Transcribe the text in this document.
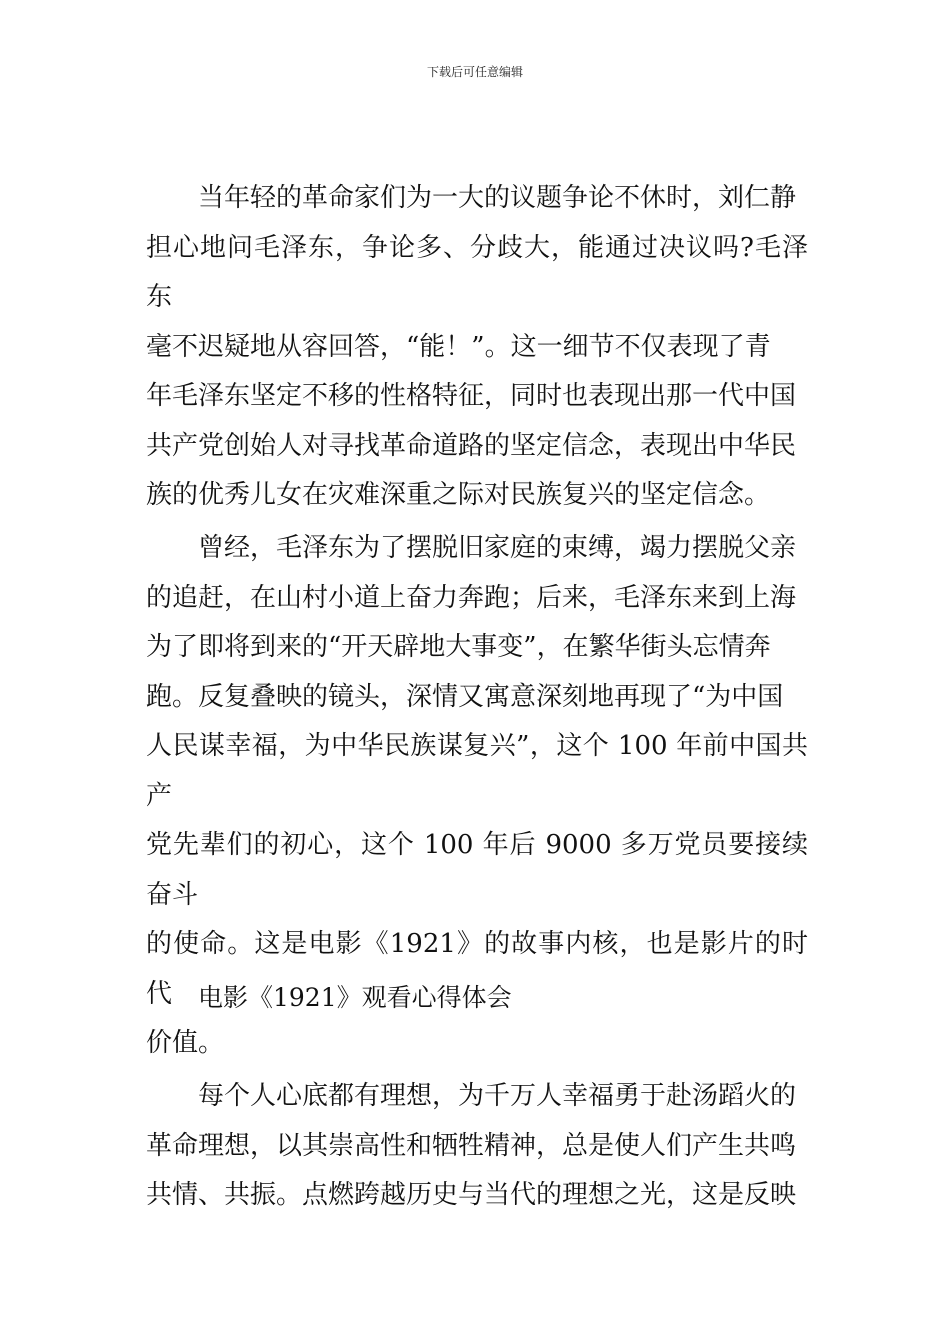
下载后可任意编辑

当年轻的革命家们为一大的议题争论不休时，刘仁静
担心地问毛泽东，争论多、分歧大，能通过决议吗?毛泽东
毫不迟疑地从容回答，“能！”。这一细节不仅表现了青
年毛泽东坚定不移的性格特征，同时也表现出那一代中国
共产党创始人对寻找革命道路的坚定信念，表现出中华民
族的优秀儿女在灾难深重之际对民族复兴的坚定信念。

曾经，毛泽东为了摆脱旧家庭的束缚，竭力摆脱父亲
的追赶，在山村小道上奋力奔跑；后来，毛泽东来到上海
为了即将到来的“开天辟地大事变”，在繁华街头忘情奔
跑。反复叠映的镜头，深情又寓意深刻地再现了“为中国
人民谋幸福，为中华民族谋复兴”，这个 100 年前中国共产
党先辈们的初心，这个 100 年后 9000 多万党员要接续奋斗
的使命。这是电影《1921》的故事内核，也是影片的时代
价值。

电影《1921》观看心得体会

每个人心底都有理想，为千万人幸福勇于赴汤蹈火的
革命理想，以其崇高性和牺牲精神，总是使人们产生共鸣
共情、共振。点燃跨越历史与当代的理想之光，这是反映
